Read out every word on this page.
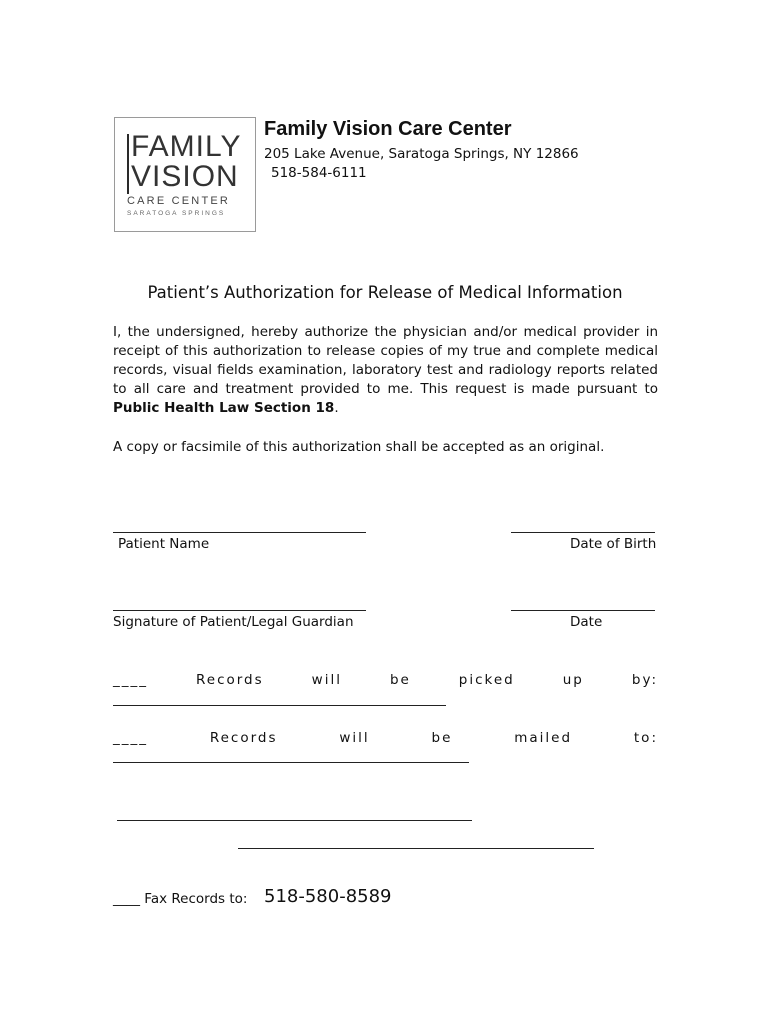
FAMILY
VISION
CARE CENTER
SARATOGA SPRINGS
Family Vision Care Center
205 Lake Avenue, Saratoga Springs, NY 12866
518-584-6111
Patient’s Authorization for Release of Medical Information
I, the undersigned, hereby authorize the physician and/or medical provider in receipt of this authorization to release copies of my true and complete medical records, visual fields examination, laboratory test and radiology reports related to all care and treatment provided to me. This request is made pursuant to Public Health Law Section 18.
A copy or facsimile of this authorization shall be accepted as an original.
Patient Name	Date of Birth
Signature of Patient/Legal Guardian	Date
____	Records	will	be	picked	up	by:
____	Records	will	be	mailed	to:
____ Fax Records to: 518-580-8589
